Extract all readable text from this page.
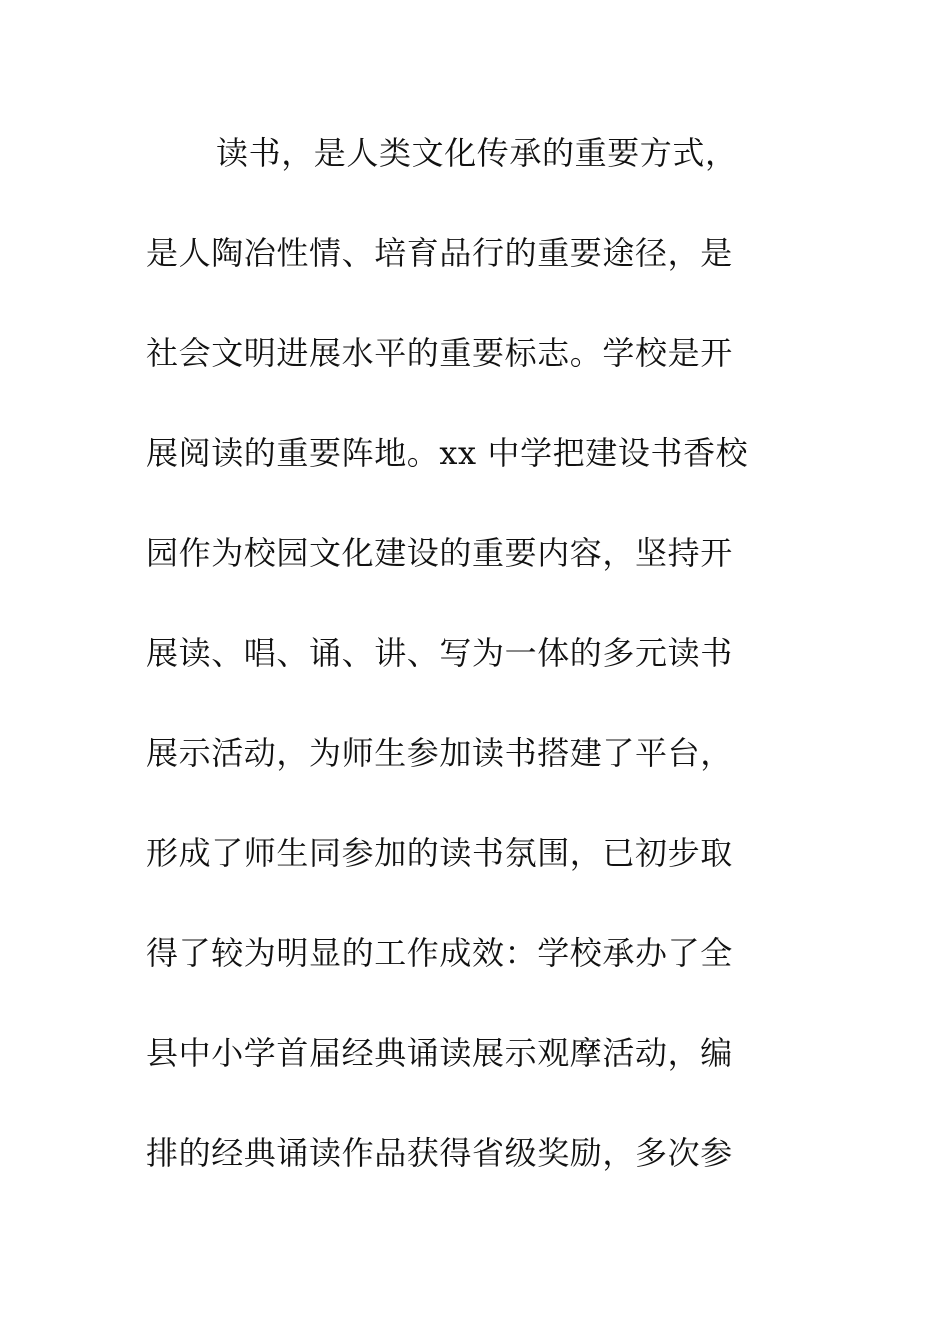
读书，是人类文化传承的重要方式，
是人陶冶性情、培育品行的重要途径，是
社会文明进展水平的重要标志。学校是开
展阅读的重要阵地。xx 中学把建设书香校
园作为校园文化建设的重要内容，坚持开
展读、唱、诵、讲、写为一体的多元读书
展示活动，为师生参加读书搭建了平台，
形成了师生同参加的读书氛围，已初步取
得了较为明显的工作成效：学校承办了全
县中小学首届经典诵读展示观摩活动，编
排的经典诵读作品获得省级奖励，多次参
